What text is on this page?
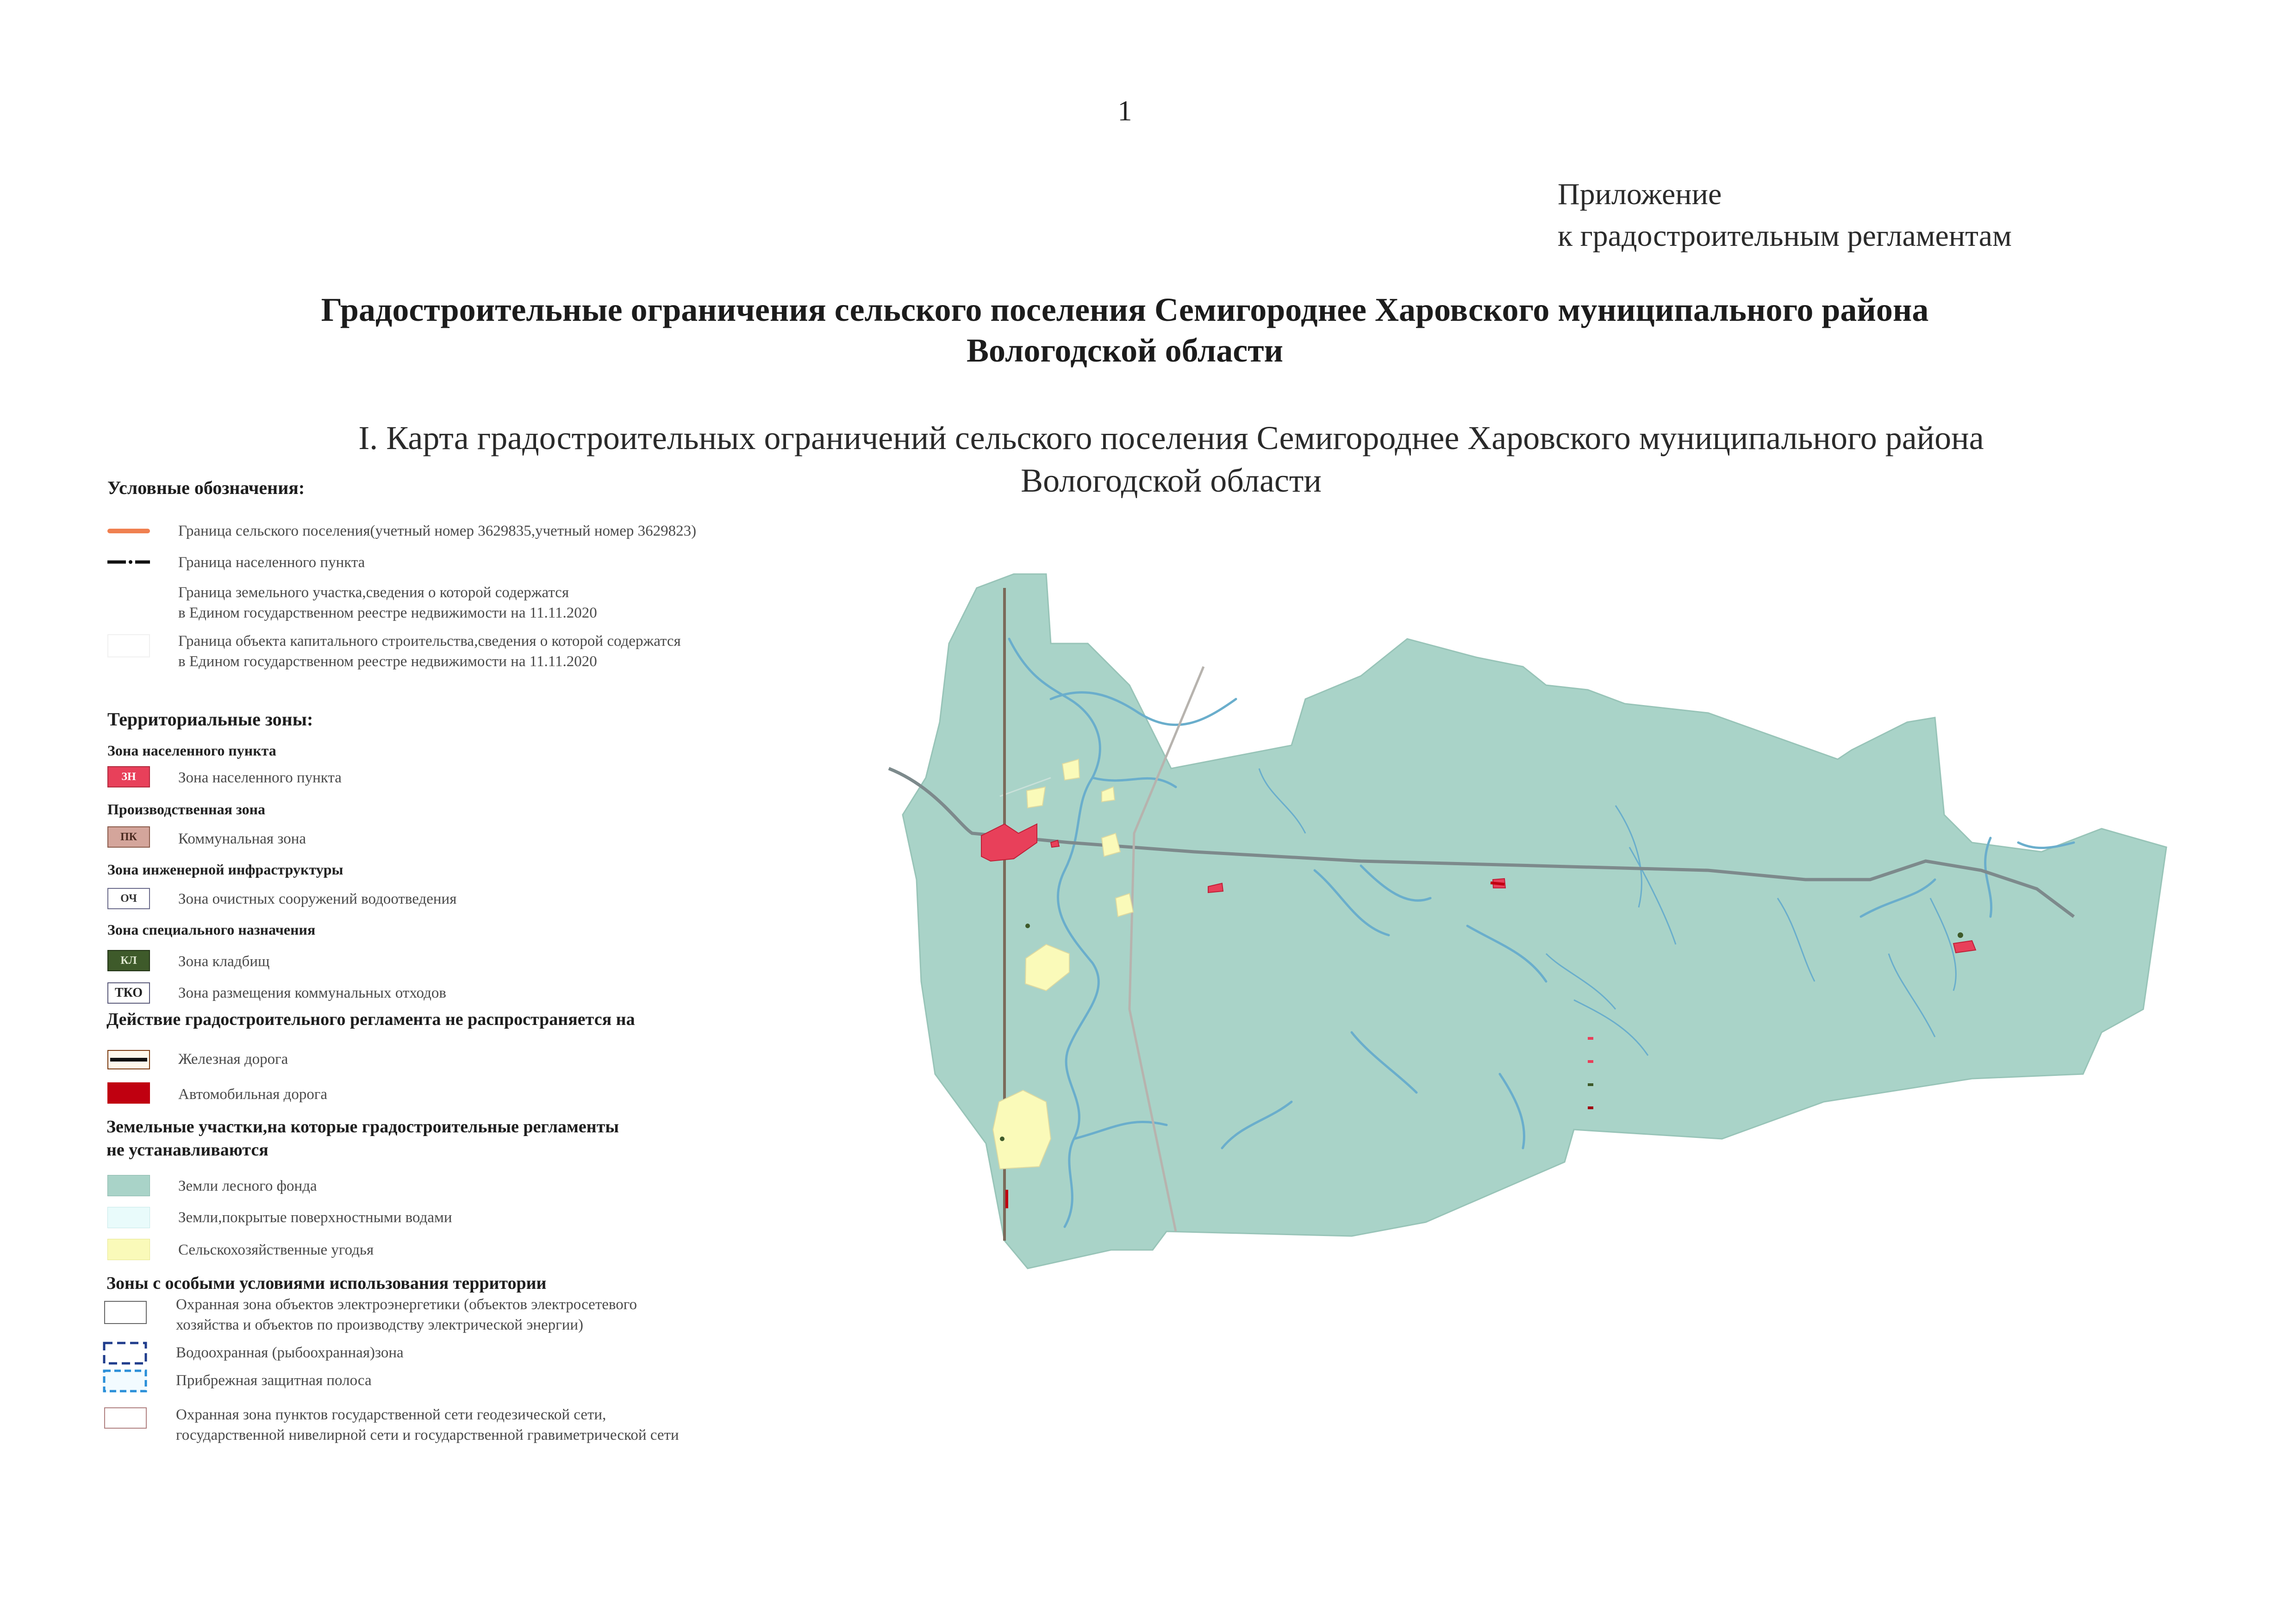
1
Приложение
к градостроительным регламентам
Градостроительные ограничения сельского поселения Семигороднее Харовского муниципального района
Вологодской области
I. Карта градостроительных ограничений сельского поселения Семигороднее Харовского муниципального района
Вологодской области
Условные обозначения:
Граница сельского поселения(учетный номер 3629835,учетный номер 3629823)
Граница населенного пункта
Граница земельного участка,сведения о которой содержатся
в Едином государственном реестре недвижимости на 11.11.2020
Граница объекта капитального строительства,сведения о которой содержатся
в Едином государственном реестре недвижимости на 11.11.2020
Территориальные зоны:
Зона населенного пункта
ЗН	Зона населенного пункта
Производственная зона
ПК	Коммунальная зона
Зона инженерной инфраструктуры
ОЧ	Зона очистных сооружений водоотведения
Зона специального назначения
КЛ	Зона кладбищ
ТКО	Зона размещения коммунальных отходов
Действие градостроительного регламента не распространяется на
Железная дорога
Автомобильная дорога
Земельные участки,на которые градостроительные регламенты
не устанавливаются
Земли лесного фонда
Земли,покрытые поверхностными водами
Сельскохозяйственные угодья
Зоны с особыми условиями использования территории
Охранная зона объектов электроэнергетики (объектов электросетевого
хозяйства и объектов по производству электрической энергии)
Водоохранная (рыбоохранная)зона
Прибрежная защитная полоса
Охранная зона пунктов государственной сети геодезической сети,
государственной нивелирной сети и государственной гравиметрической сети
